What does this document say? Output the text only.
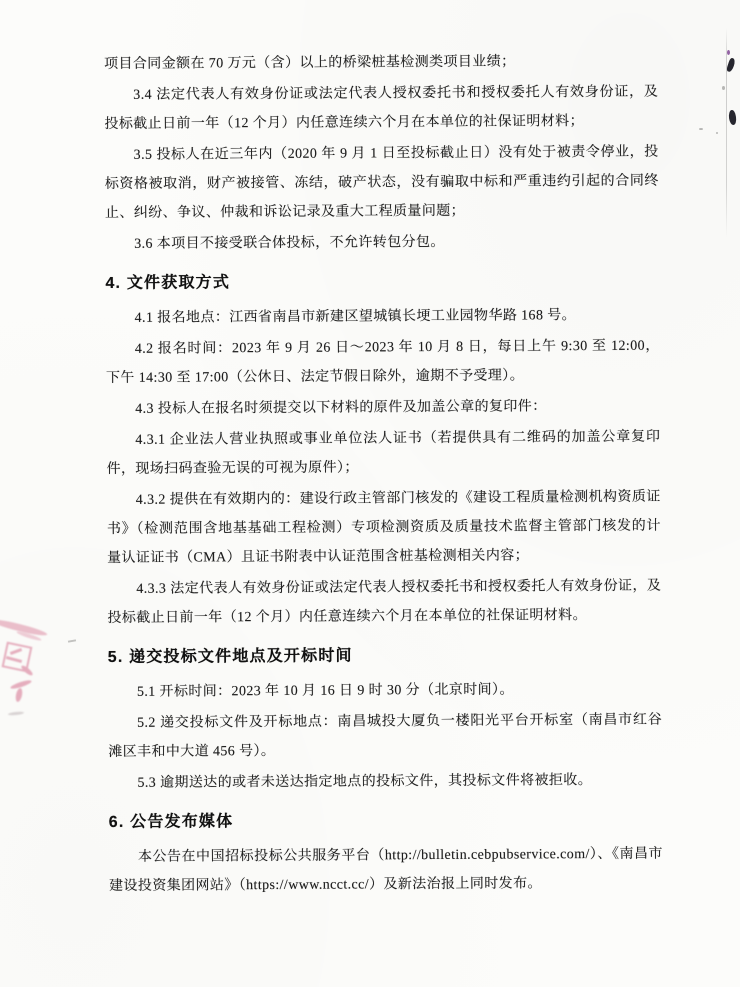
项目合同金额在 70 万元（含）以上的桥梁桩基检测类项目业绩；
3.4 法定代表人有效身份证或法定代表人授权委托书和授权委托人有效身份证，及投标截止日前一年（12 个月）内任意连续六个月在本单位的社保证明材料；
3.5 投标人在近三年内（2020 年 9 月 1 日至投标截止日）没有处于被责令停业，投标资格被取消，财产被接管、冻结，破产状态，没有骗取中标和严重违约引起的合同终止、纠纷、争议、仲裁和诉讼记录及重大工程质量问题；
3.6 本项目不接受联合体投标，不允许转包分包。
4. 文件获取方式
4.1 报名地点：江西省南昌市新建区望城镇长埂工业园物华路 168 号。
4.2 报名时间：2023 年 9 月 26 日～2023 年 10 月 8 日，每日上午 9:30 至 12:00，下午 14:30 至 17:00（公休日、法定节假日除外，逾期不予受理）。
4.3 投标人在报名时须提交以下材料的原件及加盖公章的复印件：
4.3.1 企业法人营业执照或事业单位法人证书（若提供具有二维码的加盖公章复印件，现场扫码查验无误的可视为原件）；
4.3.2 提供在有效期内的：建设行政主管部门核发的《建设工程质量检测机构资质证书》（检测范围含地基基础工程检测）专项检测资质及质量技术监督主管部门核发的计量认证证书（CMA）且证书附表中认证范围含桩基检测相关内容；
4.3.3 法定代表人有效身份证或法定代表人授权委托书和授权委托人有效身份证，及投标截止日前一年（12 个月）内任意连续六个月在本单位的社保证明材料。
5. 递交投标文件地点及开标时间
5.1 开标时间：2023 年 10 月 16 日 9 时 30 分（北京时间）。
5.2 递交投标文件及开标地点：南昌城投大厦负一楼阳光平台开标室（南昌市红谷滩区丰和中大道 456 号）。
5.3 逾期送达的或者未送达指定地点的投标文件，其投标文件将被拒收。
6. 公告发布媒体
本公告在中国招标投标公共服务平台（http://bulletin.cebpubservice.com/）、《南昌市建设投资集团网站》（https://www.ncct.cc/）及新法治报上同时发布。
